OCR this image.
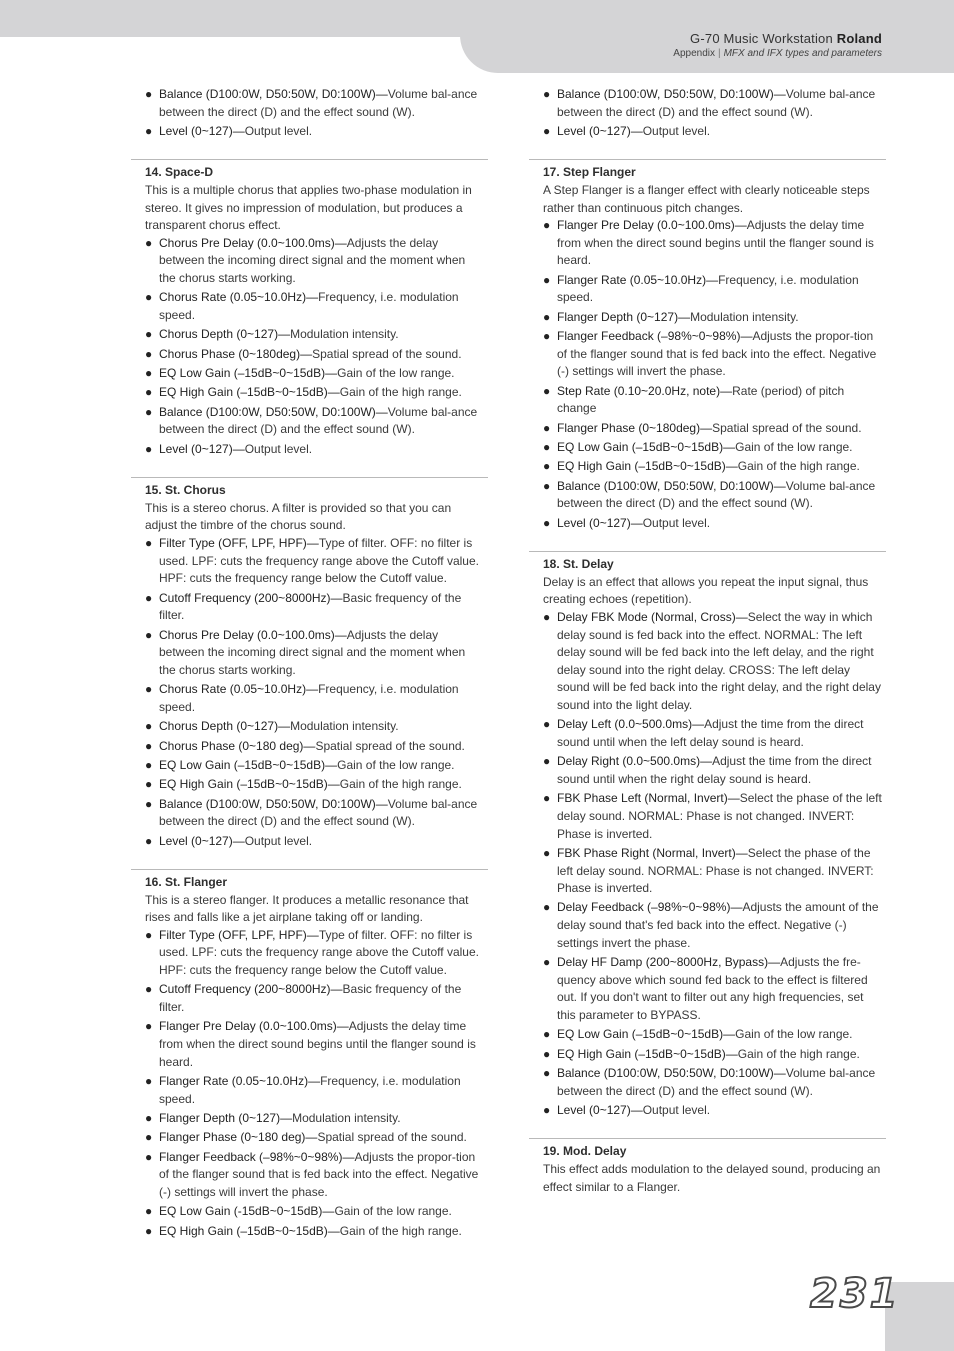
G-70 Music Workstation Roland
Appendix | MFX and IFX types and parameters
● Balance (D100:0W, D50:50W, D0:100W)—Volume bal-ance between the direct (D) and the effect sound (W).
● Level (0~127)—Output level.
14. Space-D

This is a multiple chorus that applies two-phase modulation in stereo. It gives no impression of modulation, but produces a transparent chorus effect.

● Chorus Pre Delay (0.0~100.0ms)—Adjusts the delay between the incoming direct signal and the moment when the chorus starts working.
● Chorus Rate (0.05~10.0Hz)—Frequency, i.e. modulation speed.
● Chorus Depth (0~127)—Modulation intensity.
● Chorus Phase (0~180deg)—Spatial spread of the sound.
● EQ Low Gain (–15dB~0~15dB)—Gain of the low range.
● EQ High Gain (–15dB~0~15dB)—Gain of the high range.
● Balance (D100:0W, D50:50W, D0:100W)—Volume bal-ance between the direct (D) and the effect sound (W).
● Level (0~127)—Output level.
15. St. Chorus

This is a stereo chorus. A filter is provided so that you can adjust the timbre of the chorus sound.

● Filter Type (OFF, LPF, HPF)—Type of filter. OFF: no filter is used. LPF: cuts the frequency range above the Cutoff value. HPF: cuts the frequency range below the Cutoff value.
● Cutoff Frequency (200~8000Hz)—Basic frequency of the filter.
● Chorus Pre Delay (0.0~100.0ms)—Adjusts the delay between the incoming direct signal and the moment when the chorus starts working.
● Chorus Rate (0.05~10.0Hz)—Frequency, i.e. modulation speed.
● Chorus Depth (0~127)—Modulation intensity.
● Chorus Phase (0~180 deg)—Spatial spread of the sound.
● EQ Low Gain (–15dB~0~15dB)—Gain of the low range.
● EQ High Gain (–15dB~0~15dB)—Gain of the high range.
● Balance (D100:0W, D50:50W, D0:100W)—Volume bal-ance between the direct (D) and the effect sound (W).
● Level (0~127)—Output level.
16. St. Flanger

This is a stereo flanger. It produces a metallic resonance that rises and falls like a jet airplane taking off or landing.

● Filter Type (OFF, LPF, HPF)—Type of filter. OFF: no filter is used. LPF: cuts the frequency range above the Cutoff value. HPF: cuts the frequency range below the Cutoff value.
● Cutoff Frequency (200~8000Hz)—Basic frequency of the filter.
● Flanger Pre Delay (0.0~100.0ms)—Adjusts the delay time from when the direct sound begins until the flanger sound is heard.
● Flanger Rate (0.05~10.0Hz)—Frequency, i.e. modulation speed.
● Flanger Depth (0~127)—Modulation intensity.
● Flanger Phase (0~180 deg)—Spatial spread of the sound.
● Flanger Feedback (–98%~0~98%)—Adjusts the propor-tion of the flanger sound that is fed back into the effect. Negative (-) settings will invert the phase.
● EQ Low Gain (-15dB~0~15dB)—Gain of the low range.
● EQ High Gain (–15dB~0~15dB)—Gain of the high range.
● Balance (D100:0W, D50:50W, D0:100W)—Volume bal-ance between the direct (D) and the effect sound (W).
● Level (0~127)—Output level.
17. Step Flanger

A Step Flanger is a flanger effect with clearly noticeable steps rather than continuous pitch changes.

● Flanger Pre Delay (0.0~100.0ms)—Adjusts the delay time from when the direct sound begins until the flanger sound is heard.
● Flanger Rate (0.05~10.0Hz)—Frequency, i.e. modulation speed.
● Flanger Depth (0~127)—Modulation intensity.
● Flanger Feedback (–98%~0~98%)—Adjusts the propor-tion of the flanger sound that is fed back into the effect. Negative (-) settings will invert the phase.
● Step Rate (0.10~20.0Hz, note)—Rate (period) of pitch change
● Flanger Phase (0~180deg)—Spatial spread of the sound.
● EQ Low Gain (–15dB~0~15dB)—Gain of the low range.
● EQ High Gain (–15dB~0~15dB)—Gain of the high range.
● Balance (D100:0W, D50:50W, D0:100W)—Volume bal-ance between the direct (D) and the effect sound (W).
● Level (0~127)—Output level.
18. St. Delay

Delay is an effect that allows you repeat the input signal, thus creating echoes (repetition).

● Delay FBK Mode (Normal, Cross)—Select the way in which delay sound is fed back into the effect. NORMAL: The left delay sound will be fed back into the left delay, and the right delay sound into the right delay. CROSS: The left delay sound will be fed back into the right delay, and the right delay sound into the light delay.
● Delay Left (0.0~500.0ms)—Adjust the time from the direct sound until when the left delay sound is heard.
● Delay Right (0.0~500.0ms)—Adjust the time from the direct sound until when the right delay sound is heard.
● FBK Phase Left (Normal, Invert)—Select the phase of the left delay sound. NORMAL: Phase is not changed. INVERT: Phase is inverted.
● FBK Phase Right (Normal, Invert)—Select the phase of the left delay sound. NORMAL: Phase is not changed. INVERT: Phase is inverted.
● Delay Feedback (–98%~0~98%)—Adjusts the amount of the delay sound that's fed back into the effect. Negative (-) settings invert the phase.
● Delay HF Damp (200~8000Hz, Bypass)—Adjusts the fre-quency above which sound fed back to the effect is filtered out. If you don't want to filter out any high frequencies, set this parameter to BYPASS.
● EQ Low Gain (–15dB~0~15dB)—Gain of the low range.
● EQ High Gain (–15dB~0~15dB)—Gain of the high range.
● Balance (D100:0W, D50:50W, D0:100W)—Volume bal-ance between the direct (D) and the effect sound (W).
● Level (0~127)—Output level.
19. Mod. Delay

This effect adds modulation to the delayed sound, producing an effect similar to a Flanger.

231
